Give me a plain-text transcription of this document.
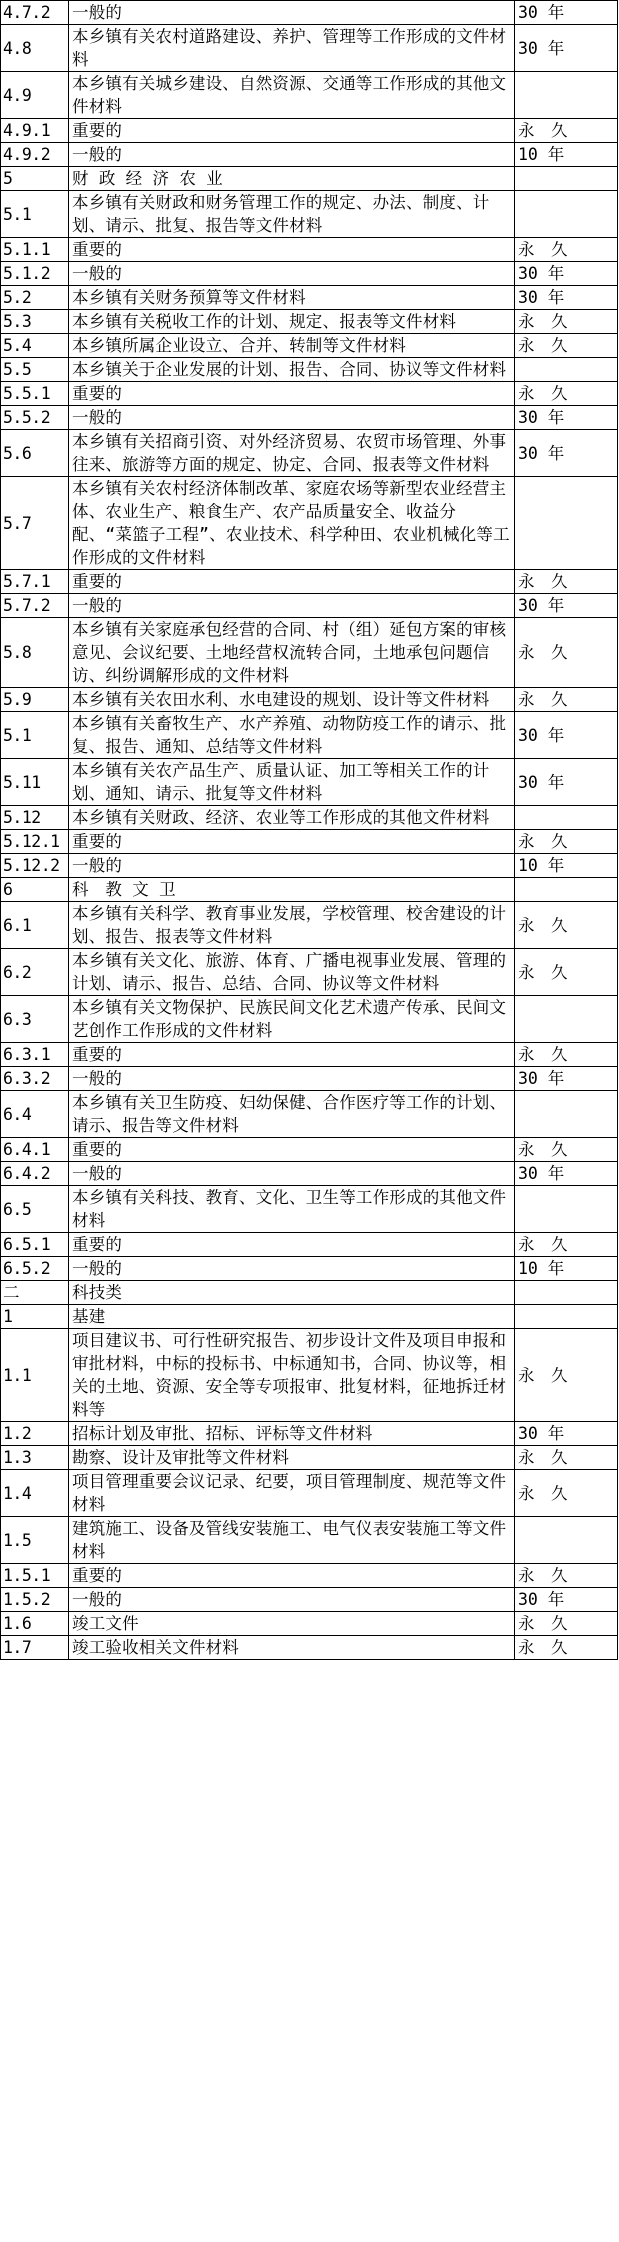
4.7.2	一般的	30 年
4.8	本乡镇有关农村道路建设、养护、管理等工作形成的文件材料	30 年
4.9	本乡镇有关城乡建设、自然资源、交通等工作形成的其他文件材料	
4.9.1	重要的	永　久
4.9.2	一般的	10 年
5	财 政 经 济 农 业	
5.1	本乡镇有关财政和财务管理工作的规定、办法、制度、计划、请示、批复、报告等文件材料	
5.1.1	重要的	永　久
5.1.2	一般的	30 年
5.2	本乡镇有关财务预算等文件材料	30 年
5.3	本乡镇有关税收工作的计划、规定、报表等文件材料	永　久
5.4	本乡镇所属企业设立、合并、转制等文件材料	永　久
5.5	本乡镇关于企业发展的计划、报告、合同、协议等文件材料	
5.5.1	重要的	永　久
5.5.2	一般的	30 年
5.6	本乡镇有关招商引资、对外经济贸易、农贸市场管理、外事往来、旅游等方面的规定、协定、合同、报表等文件材料	30 年
5.7	本乡镇有关农村经济体制改革、家庭农场等新型农业经营主体、农业生产、粮食生产、农产品质量安全、收益分配、“菜篮子工程”、农业技术、科学种田、农业机械化等工作形成的文件材料	
5.7.1	重要的	永　久
5.7.2	一般的	30 年
5.8	本乡镇有关家庭承包经营的合同、村（组）延包方案的审核意见、会议纪要、土地经营权流转合同，土地承包问题信访、纠纷调解形成的文件材料	永　久
5.9	本乡镇有关农田水利、水电建设的规划、设计等文件材料	永　久
5.1	本乡镇有关畜牧生产、水产养殖、动物防疫工作的请示、批复、报告、通知、总结等文件材料	30 年
5.11	本乡镇有关农产品生产、质量认证、加工等相关工作的计划、通知、请示、批复等文件材料	30 年
5.12	本乡镇有关财政、经济、农业等工作形成的其他文件材料	
5.12.1	重要的	永　久
5.12.2	一般的	10 年
6	科　教 文 卫	
6.1	本乡镇有关科学、教育事业发展，学校管理、校舍建设的计划、报告、报表等文件材料	永　久
6.2	本乡镇有关文化、旅游、体育、广播电视事业发展、管理的计划、请示、报告、总结、合同、协议等文件材料	永　久
6.3	本乡镇有关文物保护、民族民间文化艺术遗产传承、民间文艺创作工作形成的文件材料	
6.3.1	重要的	永　久
6.3.2	一般的	30 年
6.4	本乡镇有关卫生防疫、妇幼保健、合作医疗等工作的计划、请示、报告等文件材料	
6.4.1	重要的	永　久
6.4.2	一般的	30 年
6.5	本乡镇有关科技、教育、文化、卫生等工作形成的其他文件材料	
6.5.1	重要的	永　久
6.5.2	一般的	10 年
二	科技类	
1	基建	
1.1	项目建议书、可行性研究报告、初步设计文件及项目申报和审批材料，中标的投标书、中标通知书，合同、协议等，相关的土地、资源、安全等专项报审、批复材料，征地拆迁材料等	永　久
1.2	招标计划及审批、招标、评标等文件材料	30 年
1.3	勘察、设计及审批等文件材料	永　久
1.4	项目管理重要会议记录、纪要，项目管理制度、规范等文件材料	永　久
1.5	建筑施工、设备及管线安装施工、电气仪表安装施工等文件材料	
1.5.1	重要的	永　久
1.5.2	一般的	30 年
1.6	竣工文件	永　久
1.7	竣工验收相关文件材料	永　久
